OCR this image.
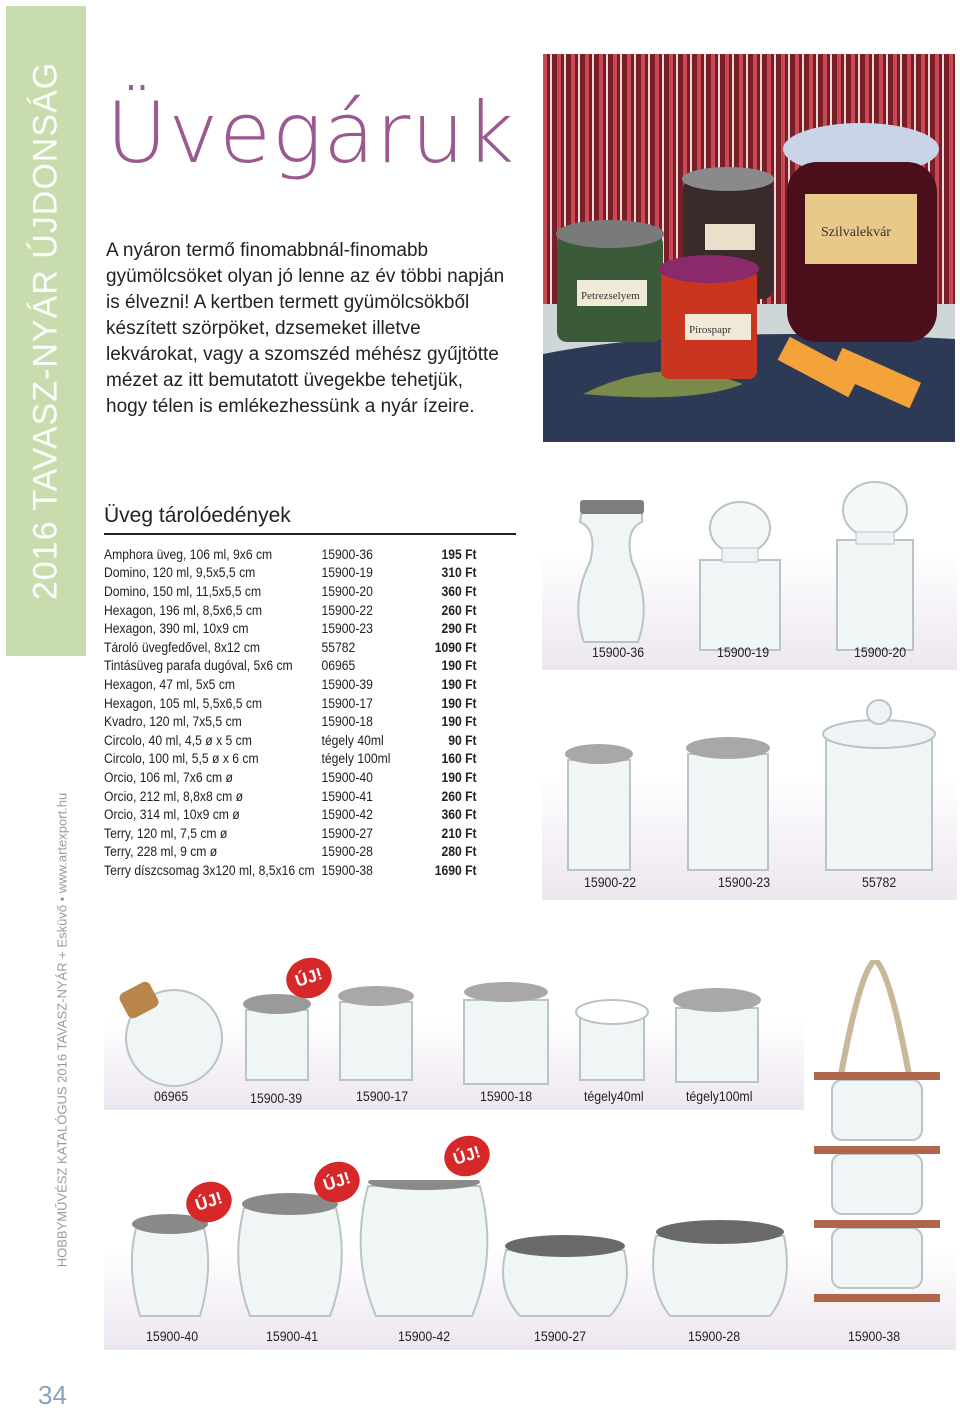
2016 TAVASZ-NYÁR ÚJDONSÁG
HOBBYMŰVÉSZ KATALÓGUS 2016 TAVASZ-NYÁR + Esküvő • www.artexport.hu
34
Üvegáruk
A nyáron termő finomabbnál-finomabb gyümölcsöket olyan jó lenne az év többi napján is élvezni! A kertben termett gyümölcsökből készített szörpöket, dzsemeket illetve lekvárokat, vagy a szomszéd méhész gyűjtötte mézet az itt bemutatott üvegekbe tehetjük, hogy télen is emlékezhessünk a nyár ízeire.
Üveg tárolóedények
Amphora üveg, 106 ml, 9x6 cm	15900-36	195 Ft
Domino, 120 ml, 9,5x5,5 cm	15900-19	310 Ft
Domino, 150 ml, 11,5x5,5 cm	15900-20	360 Ft
Hexagon, 196 ml, 8,5x6,5 cm	15900-22	260 Ft
Hexagon, 390 ml, 10x9 cm	15900-23	290 Ft
Tároló üvegfedővel, 8x12 cm	55782	1090 Ft
Tintásüveg parafa dugóval, 5x6 cm	06965	190 Ft
Hexagon, 47 ml, 5x5 cm	15900-39	190 Ft
Hexagon, 105 ml, 5,5x6,5 cm	15900-17	190 Ft
Kvadro, 120 ml, 7x5,5 cm	15900-18	190 Ft
Circolo, 40 ml, 4,5 ø x 5 cm	tégely 40ml	90 Ft
Circolo, 100 ml, 5,5 ø x 6 cm	tégely 100ml	160 Ft
Orcio, 106 ml, 7x6 cm ø	15900-40	190 Ft
Orcio, 212 ml, 8,8x8 cm ø	15900-41	260 Ft
Orcio, 314 ml, 10x9 cm ø	15900-42	360 Ft
Terry, 120 ml, 7,5 cm ø	15900-27	210 Ft
Terry, 228 ml, 9 cm ø	15900-28	280 Ft
Terry díszcsomag 3x120 ml, 8,5x16 cm	15900-38	1690 Ft
Szilvalekvár
Petrezselyem
Pirospapr
15900-36	15900-19	15900-20
15900-22	15900-23	55782
06965	15900-39	15900-17	15900-18	tégely40ml	tégely100ml
15900-40	15900-41	15900-42	15900-27	15900-28	15900-38
ÚJ!
ÚJ!
ÚJ!
ÚJ!
